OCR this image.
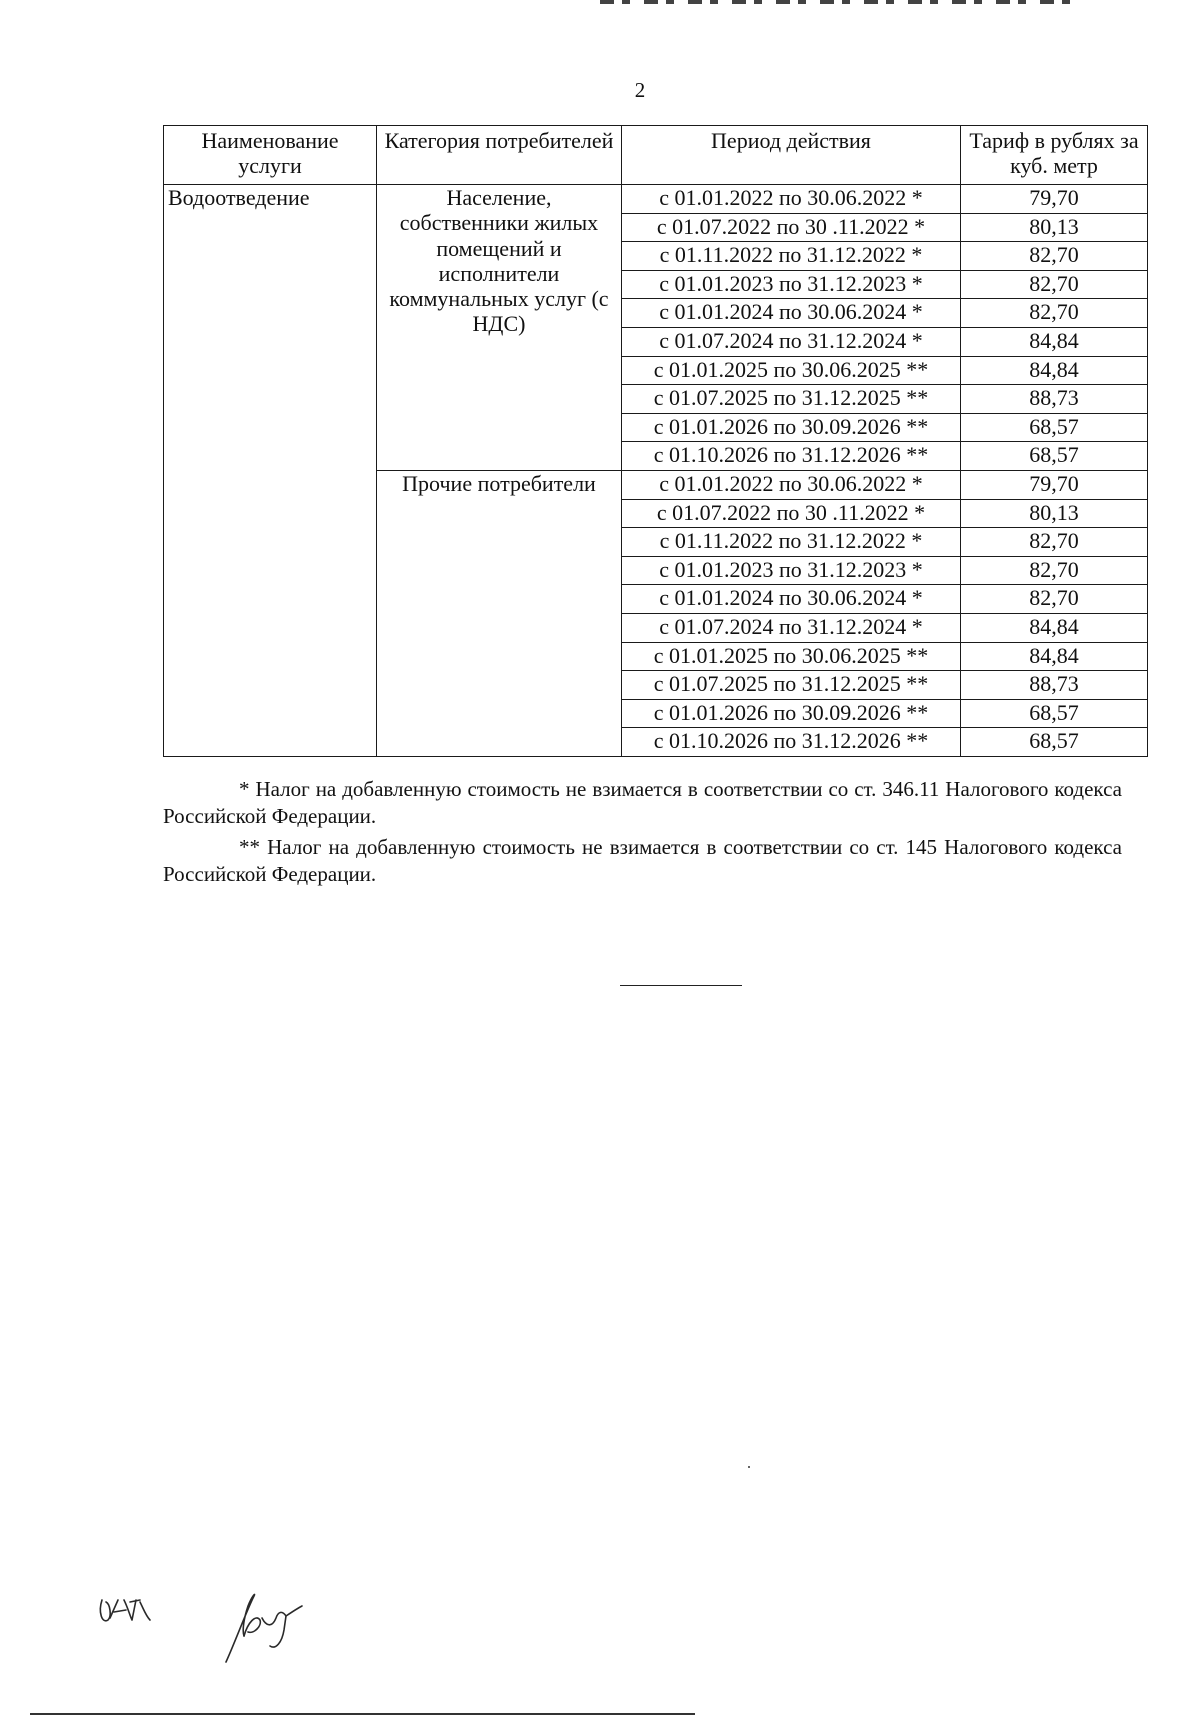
2
Наименование услуги	Категория потребителей	Период действия	Тариф в рублях за куб. метр
Водоотведение	Население, собственники жилых помещений и исполнители коммунальных услуг (с НДС)	с 01.01.2022 по 30.06.2022 *	79,70
		с 01.07.2022 по 30 .11.2022 *	80,13
		с 01.11.2022 по 31.12.2022 *	82,70
		с 01.01.2023 по 31.12.2023 *	82,70
		с 01.01.2024 по 30.06.2024 *	82,70
		с 01.07.2024 по 31.12.2024 *	84,84
		с 01.01.2025 по 30.06.2025 **	84,84
		с 01.07.2025 по 31.12.2025 **	88,73
		с 01.01.2026 по 30.09.2026 **	68,57
		с 01.10.2026 по 31.12.2026 **	68,57
	Прочие потребители	с 01.01.2022 по 30.06.2022 *	79,70
		с 01.07.2022 по 30 .11.2022 *	80,13
		с 01.11.2022 по 31.12.2022 *	82,70
		с 01.01.2023 по 31.12.2023 *	82,70
		с 01.01.2024 по 30.06.2024 *	82,70
		с 01.07.2024 по 31.12.2024 *	84,84
		с 01.01.2025 по 30.06.2025 **	84,84
		с 01.07.2025 по 31.12.2025 **	88,73
		с 01.01.2026 по 30.09.2026 **	68,57
		с 01.10.2026 по 31.12.2026 **	68,57

* Налог на добавленную стоимость не взимается в соответствии со ст. 346.11 Налогового кодекса Российской Федерации.

** Налог на добавленную стоимость не взимается в соответствии со ст. 145 Налогового кодекса Российской Федерации.
